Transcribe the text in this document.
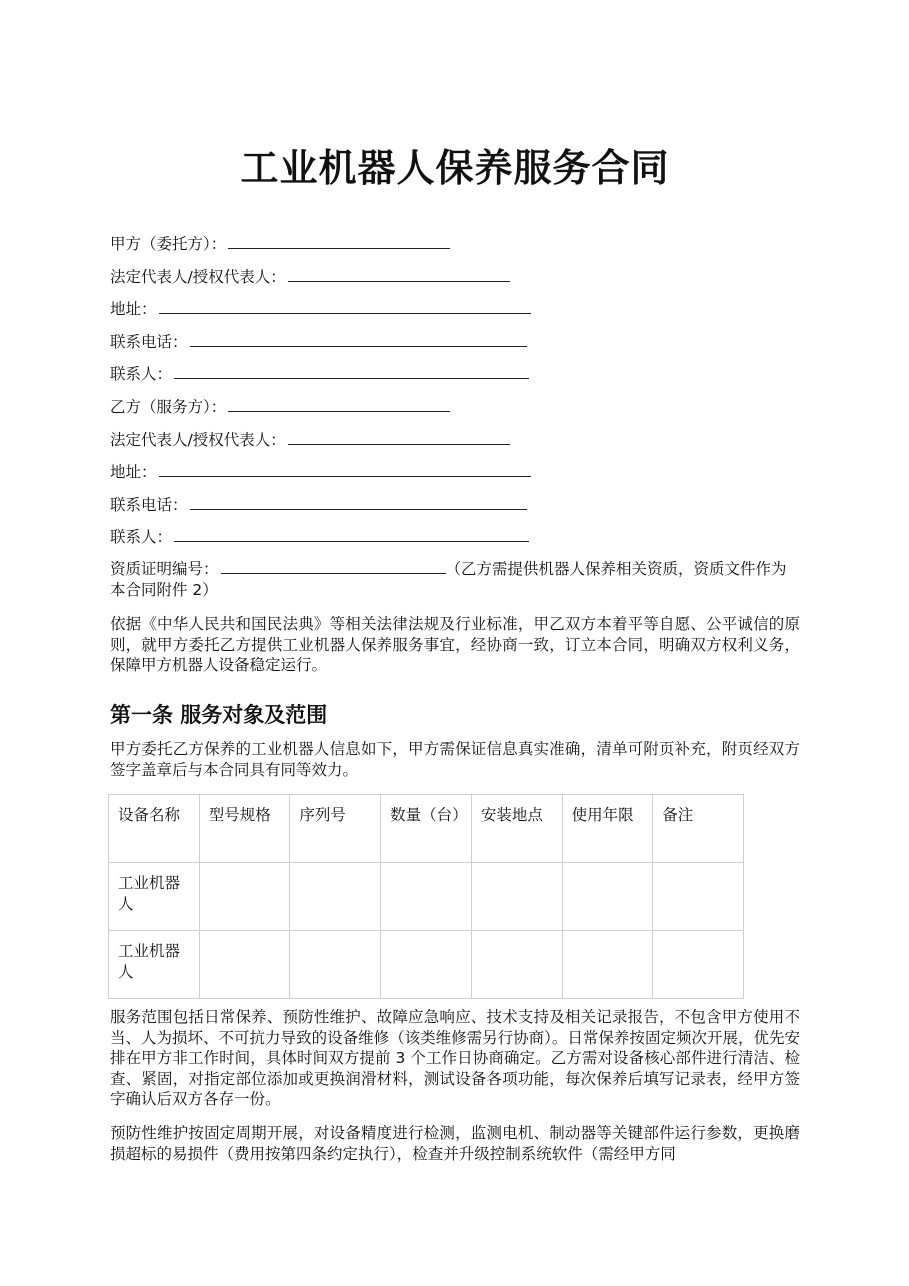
工业机器人保养服务合同
甲方（委托方）：
法定代表人/授权代表人：
地址：
联系电话：
联系人：
乙方（服务方）：
法定代表人/授权代表人：
地址：
联系电话：
联系人：
资质证明编号：	（乙方需提供机器人保养相关资质，资质文件作为本合同附件 2）

依据《中华人民共和国民法典》等相关法律法规及行业标准，甲乙双方本着平等自愿、公平诚信的原则，就甲方委托乙方提供工业机器人保养服务事宜，经协商一致，订立本合同，明确双方权利义务，保障甲方机器人设备稳定运行。

第一条 服务对象及范围

甲方委托乙方保养的工业机器人信息如下，甲方需保证信息真实准确，清单可附页补充，附页经双方签字盖章后与本合同具有同等效力。

设备名称	型号规格	序列号	数量（台）	安装地点	使用年限	备注
工业机器人						
工业机器人						

服务范围包括日常保养、预防性维护、故障应急响应、技术支持及相关记录报告，不包含甲方使用不当、人为损坏、不可抗力导致的设备维修（该类维修需另行协商）。日常保养按固定频次开展，优先安排在甲方非工作时间，具体时间双方提前 3 个工作日协商确定。乙方需对设备核心部件进行清洁、检查、紧固，对指定部位添加或更换润滑材料，测试设备各项功能，每次保养后填写记录表，经甲方签字确认后双方各存一份。

预防性维护按固定周期开展，对设备精度进行检测，监测电机、制动器等关键部件运行参数，更换磨损超标的易损件（费用按第四条约定执行），检查并升级控制系统软件（需经甲方同
